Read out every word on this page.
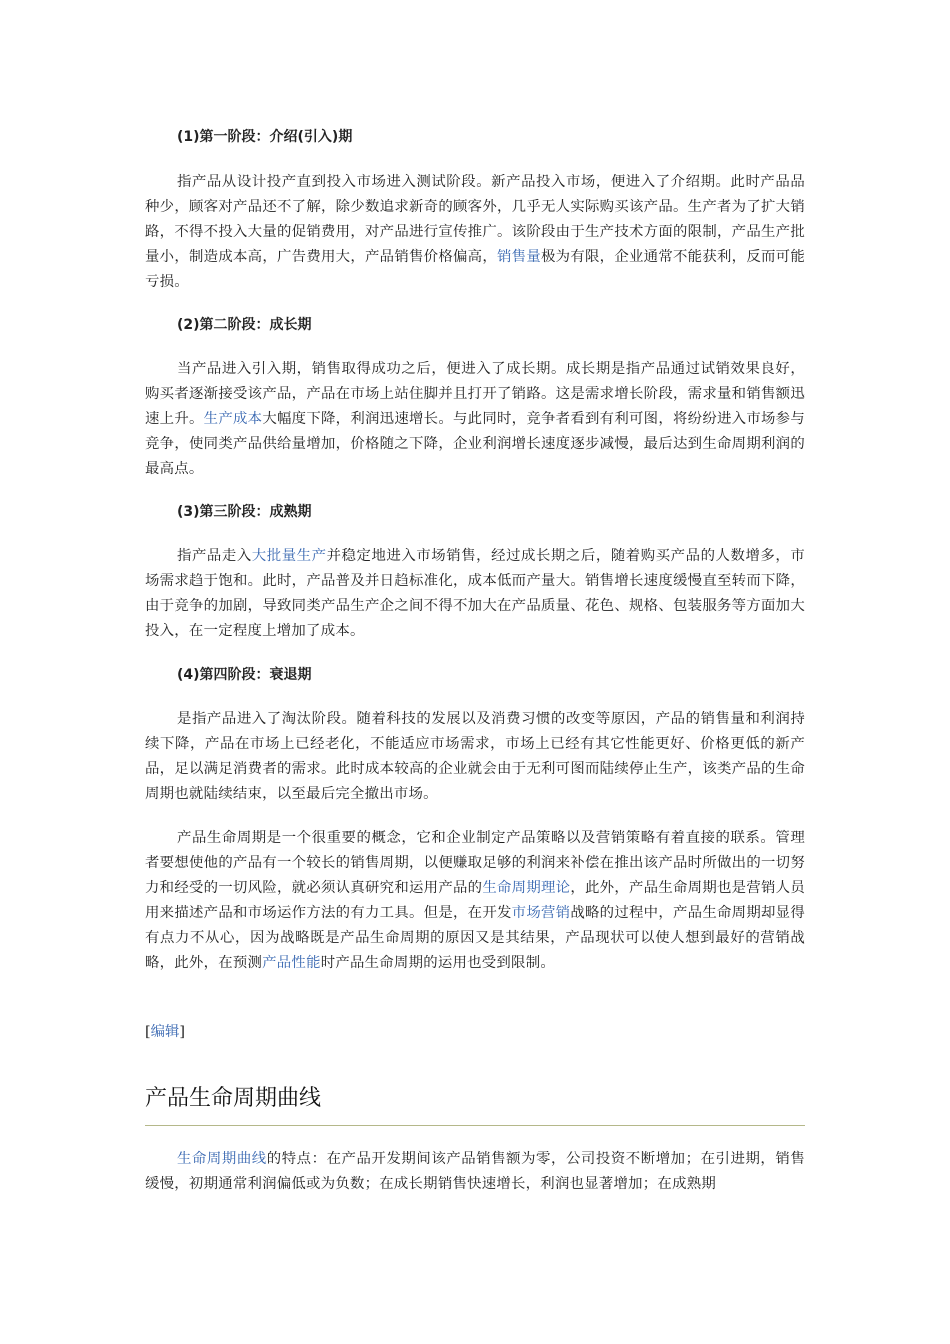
(1)第一阶段：介绍(引入)期

指产品从设计投产直到投入市场进入测试阶段。新产品投入市场，便进入了介绍期。此时产品品种少，顾客对产品还不了解，除少数追求新奇的顾客外，几乎无人实际购买该产品。生产者为了扩大销路，不得不投入大量的促销费用，对产品进行宣传推广。该阶段由于生产技术方面的限制，产品生产批量小，制造成本高，广告费用大，产品销售价格偏高，销售量极为有限，企业通常不能获利，反而可能亏损。

(2)第二阶段：成长期

当产品进入引入期，销售取得成功之后，便进入了成长期。成长期是指产品通过试销效果良好，购买者逐渐接受该产品，产品在市场上站住脚并且打开了销路。这是需求增长阶段，需求量和销售额迅速上升。生产成本大幅度下降，利润迅速增长。与此同时，竞争者看到有利可图，将纷纷进入市场参与竞争，使同类产品供给量增加，价格随之下降，企业利润增长速度逐步减慢，最后达到生命周期利润的最高点。

(3)第三阶段：成熟期

指产品走入大批量生产并稳定地进入市场销售，经过成长期之后，随着购买产品的人数增多，市场需求趋于饱和。此时，产品普及并日趋标准化，成本低而产量大。销售增长速度缓慢直至转而下降，由于竞争的加剧，导致同类产品生产企之间不得不加大在产品质量、花色、规格、包装服务等方面加大投入，在一定程度上增加了成本。

(4)第四阶段：衰退期

是指产品进入了淘汰阶段。随着科技的发展以及消费习惯的改变等原因，产品的销售量和利润持续下降，产品在市场上已经老化，不能适应市场需求，市场上已经有其它性能更好、价格更低的新产品，足以满足消费者的需求。此时成本较高的企业就会由于无利可图而陆续停止生产，该类产品的生命周期也就陆续结束，以至最后完全撤出市场。

产品生命周期是一个很重要的概念，它和企业制定产品策略以及营销策略有着直接的联系。管理者要想使他的产品有一个较长的销售周期，以便赚取足够的利润来补偿在推出该产品时所做出的一切努力和经受的一切风险，就必须认真研究和运用产品的生命周期理论，此外，产品生命周期也是营销人员用来描述产品和市场运作方法的有力工具。但是，在开发市场营销战略的过程中，产品生命周期却显得有点力不从心，因为战略既是产品生命周期的原因又是其结果，产品现状可以使人想到最好的营销战略，此外，在预测产品性能时产品生命周期的运用也受到限制。

[编辑]
产品生命周期曲线

生命周期曲线的特点：在产品开发期间该产品销售额为零，公司投资不断增加；在引进期，销售缓慢，初期通常利润偏低或为负数；在成长期销售快速增长，利润也显著增加；在成熟期
